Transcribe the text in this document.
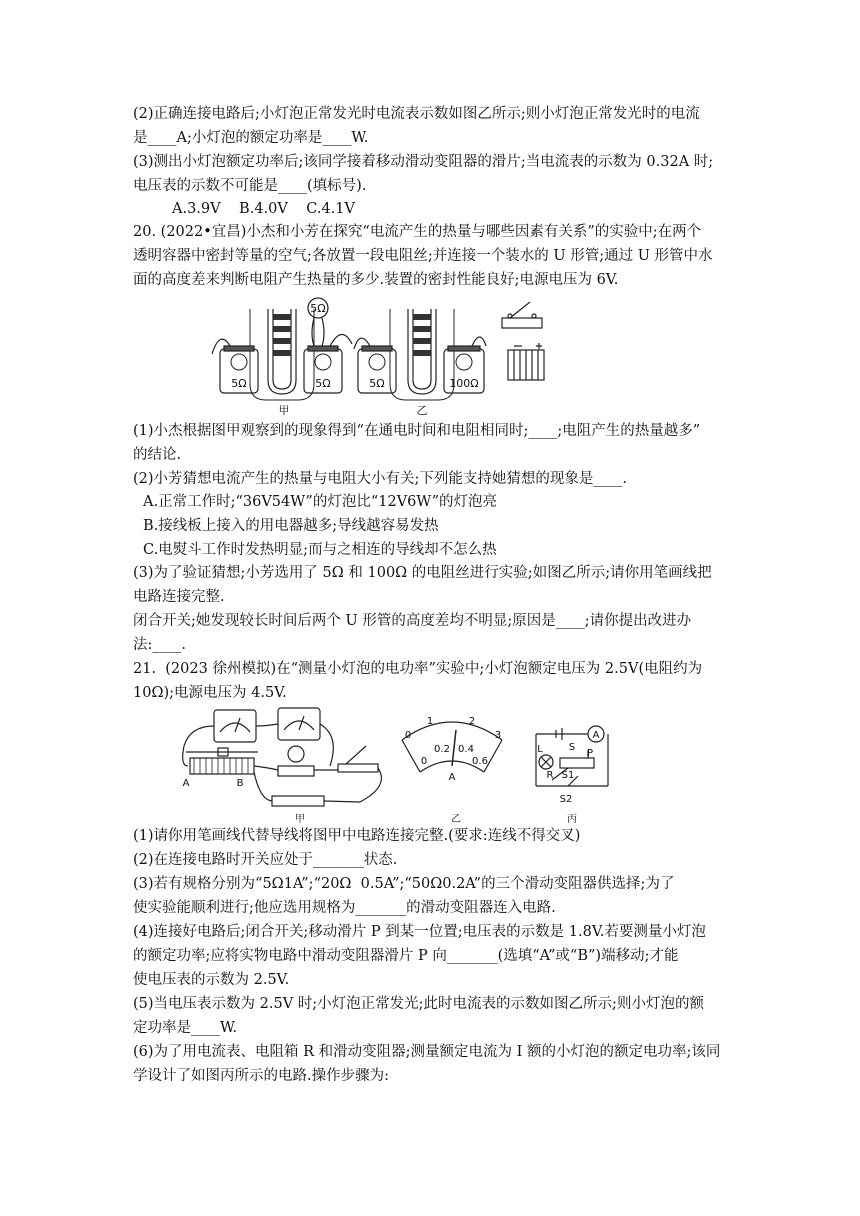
(2)正确连接电路后;小灯泡正常发光时电流表示数如图乙所示;则小灯泡正常发光时的电流
是____A;小灯泡的额定功率是____W.
(3)测出小灯泡额定功率后;该同学接着移动滑动变阻器的滑片;当电流表的示数为 0.32A 时;
电压表的示数不可能是____(填标号).
A.3.9V    B.4.0V    C.4.1V
20. (2022•宜昌)小杰和小芳在探究“电流产生的热量与哪些因素有关系”的实验中;在两个
透明容器中密封等量的空气;各放置一段电阻丝;并连接一个装水的 U 形管;通过 U 形管中水
面的高度差来判断电阻产生热量的多少.装置的密封性能良好;电源电压为 6V.
5Ω	5Ω
5Ω
5Ω	100Ω
甲	乙
(1)小杰根据图甲观察到的现象得到“在通电时间和电阻相同时;____;电阻产生的热量越多”
的结论.
(2)小芳猜想电流产生的热量与电阻大小有关;下列能支持她猜想的现象是____.
A.正常工作时;“36V54W”的灯泡比“12V6W”的灯泡亮
B.接线板上接入的用电器越多;导线越容易发热
C.电熨斗工作时发热明显;而与之相连的导线却不怎么热
(3)为了验证猜想;小芳选用了 5Ω 和 100Ω 的电阻丝进行实验;如图乙所示;请你用笔画线把
电路连接完整.
闭合开关;她发现较长时间后两个 U 形管的高度差均不明显;原因是____;请你提出改进办
法:____.
21.  (2023 徐州模拟)在“测量小灯泡的电功率”实验中;小灯泡额定电压为 2.5V(电阻约为
10Ω);电源电压为 4.5V.
A	B
0
1	2
3
0
0.2 0.4
0.6
A
S
A
L	P
R S1
S2
甲	乙	丙
(1)请你用笔画线代替导线将图甲中电路连接完整.(要求:连线不得交叉)
(2)在连接电路时开关应处于_______状态.
(3)若有规格分别为“5Ω1A”;“20Ω  0.5A”;“50Ω0.2A”的三个滑动变阻器供选择;为了
使实验能顺利进行;他应选用规格为_______的滑动变阻器连入电路.
(4)连接好电路后;闭合开关;移动滑片 P 到某一位置;电压表的示数是 1.8V.若要测量小灯泡
的额定功率;应将实物电路中滑动变阻器滑片 P 向_______(选填“A”或“B”)端移动;才能
使电压表的示数为 2.5V.
(5)当电压表示数为 2.5V 时;小灯泡正常发光;此时电流表的示数如图乙所示;则小灯泡的额
定功率是____W.
(6)为了用电流表、电阻箱 R 和滑动变阻器;测量额定电流为 I 额的小灯泡的额定电功率;该同
学设计了如图丙所示的电路.操作步骤为:
